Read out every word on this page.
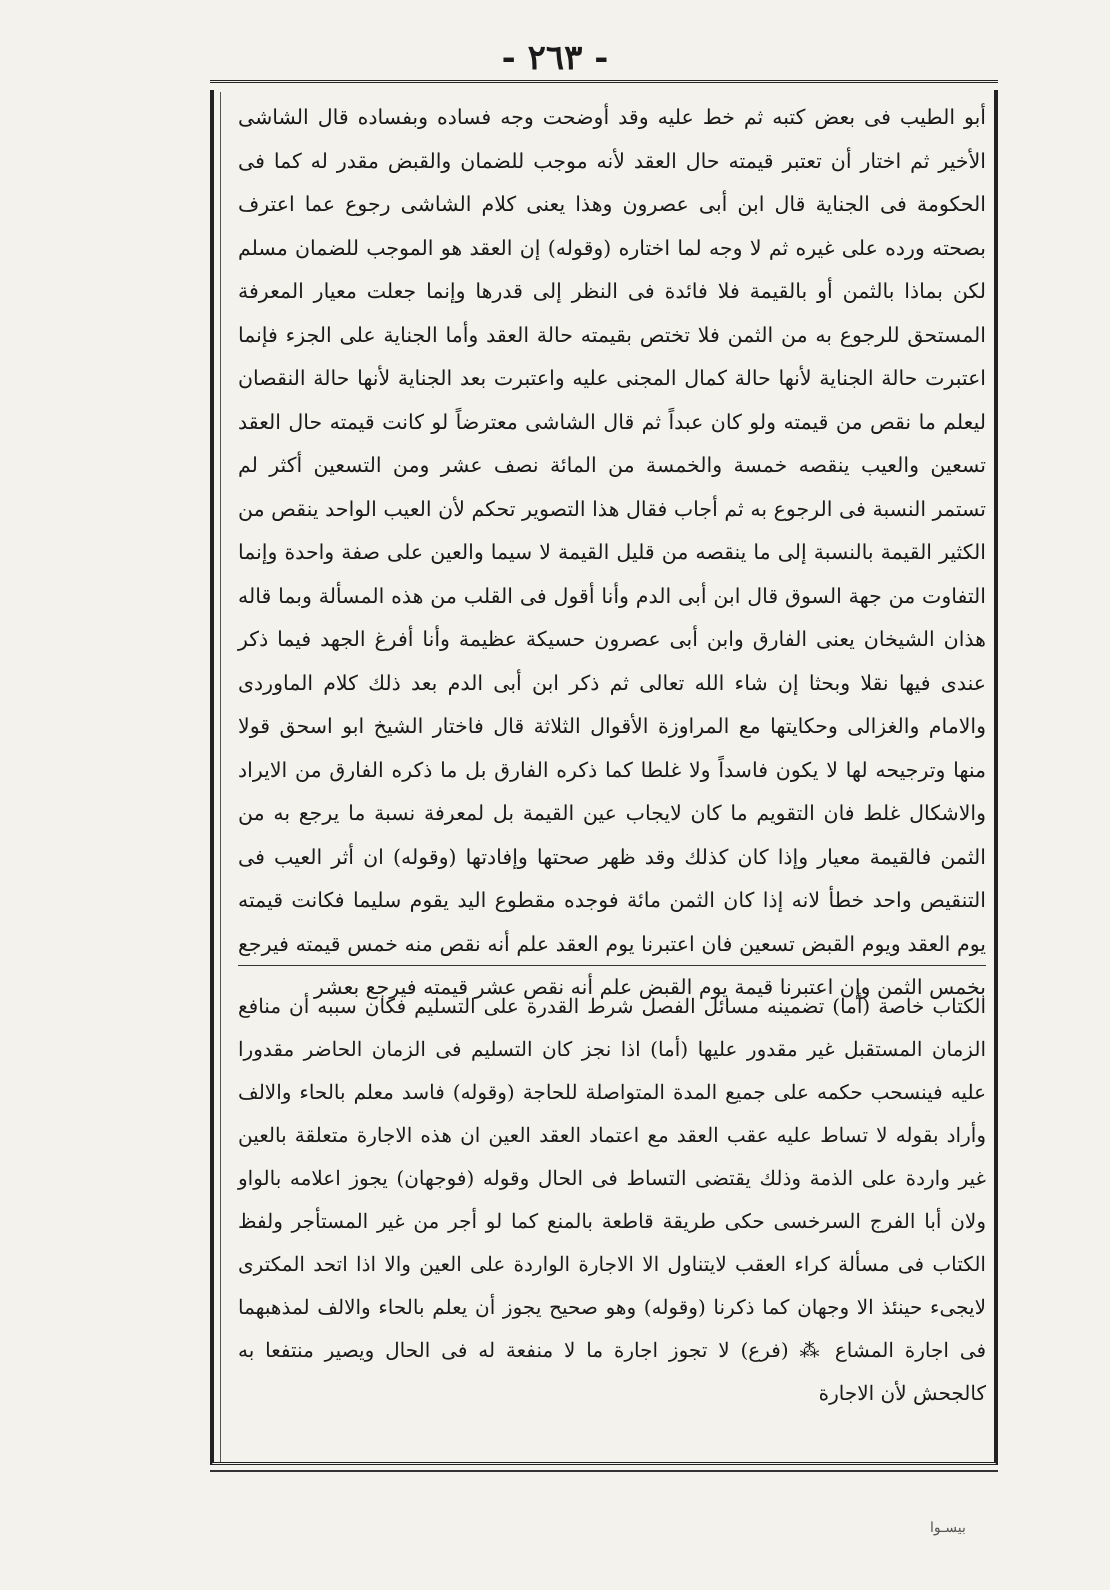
- ٢٦٣ -

أبو الطيب فى بعض كتبه ثم خط عليه وقد أوضحت وجه فساده وبفساده قال الشاشى الأخير ثم اختار أن تعتبر قيمته حال العقد لأنه موجب للضمان والقبض مقدر له كما فى الحكومة فى الجناية قال ابن أبى عصرون وهذا يعنى كلام الشاشى رجوع عما اعترف بصحته ورده على غيره ثم لا وجه لما اختاره (وقوله) إن العقد هو الموجب للضمان مسلم لكن بماذا بالثمن أو بالقيمة فلا فائدة فى النظر إلى قدرها وإنما جعلت معيار المعرفة المستحق للرجوع به من الثمن فلا تختص بقيمته حالة العقد وأما الجناية على الجزء فإنما اعتبرت حالة الجناية لأنها حالة كمال المجنى عليه واعتبرت بعد الجناية لأنها حالة النقصان ليعلم ما نقص من قيمته ولو كان عبداً ثم قال الشاشى معترضاً لو كانت قيمته حال العقد تسعين والعيب ينقصه خمسة والخمسة من المائة نصف عشر ومن التسعين أكثر لم تستمر النسبة فى الرجوع به ثم أجاب فقال هذا التصوير تحكم لأن العيب الواحد ينقص من الكثير القيمة بالنسبة إلى ما ينقصه من قليل القيمة لا سيما والعين على صفة واحدة وإنما التفاوت من جهة السوق قال ابن أبى الدم وأنا أقول فى القلب من هذه المسألة وبما قاله هذان الشيخان يعنى الفارق وابن أبى عصرون حسيكة عظيمة وأنا أفرغ الجهد فيما ذكر عندى فيها نقلا وبحثا إن شاء الله تعالى ثم ذكر ابن أبى الدم بعد ذلك كلام الماوردى والامام والغزالى وحكايتها مع المراوزة الأقوال الثلاثة قال فاختار الشيخ ابو اسحق قولا منها وترجيحه لها لا يكون فاسداً ولا غلطا كما ذكره الفارق بل ما ذكره الفارق من الايراد والاشكال غلط فان التقويم ما كان لايجاب عين القيمة بل لمعرفة نسبة ما يرجع به من الثمن فالقيمة معيار وإذا كان كذلك وقد ظهر صحتها وإفادتها (وقوله) ان أثر العيب فى التنقيص واحد خطأ لانه إذا كان الثمن مائة فوجده مقطوع اليد يقوم سليما فكانت قيمته يوم العقد ويوم القبض تسعين فان اعتبرنا يوم العقد علم أنه نقص منه خمس قيمته فيرجع بخمس الثمن وإن اعتبرنا قيمة يوم القبض علم أنه نقص عشر قيمته فيرجع بعشر

الكتاب خاصة (أما) تضمينه مسائل الفصل شرط القدرة على التسليم فكان سببه أن منافع الزمان المستقبل غير مقدور عليها (أما) اذا نجز كان التسليم فى الزمان الحاضر مقدورا عليه فينسحب حكمه على جميع المدة المتواصلة للحاجة (وقوله) فاسد معلم بالحاء والالف وأراد بقوله لا تساط عليه عقب العقد مع اعتماد العقد العين ان هذه الاجارة متعلقة بالعين غير واردة على الذمة وذلك يقتضى التساط فى الحال وقوله (فوجهان) يجوز اعلامه بالواو ولان أبا الفرج السرخسى حكى طريقة قاطعة بالمنع كما لو أجر من غير المستأجر ولفظ الكتاب فى مسألة كراء العقب لايتناول الا الاجارة الواردة على العين والا اذا اتحد المكترى لايجىء حينئذ الا وجهان كما ذكرنا (وقوله) وهو صحيح يجوز أن يعلم بالحاء والالف لمذهبهما فى اجارة المشاع ⁂ (فرع) لا تجوز اجارة ما لا منفعة له فى الحال ويصير منتفعا به كالجحش لأن الاجارة

بيسـوا
